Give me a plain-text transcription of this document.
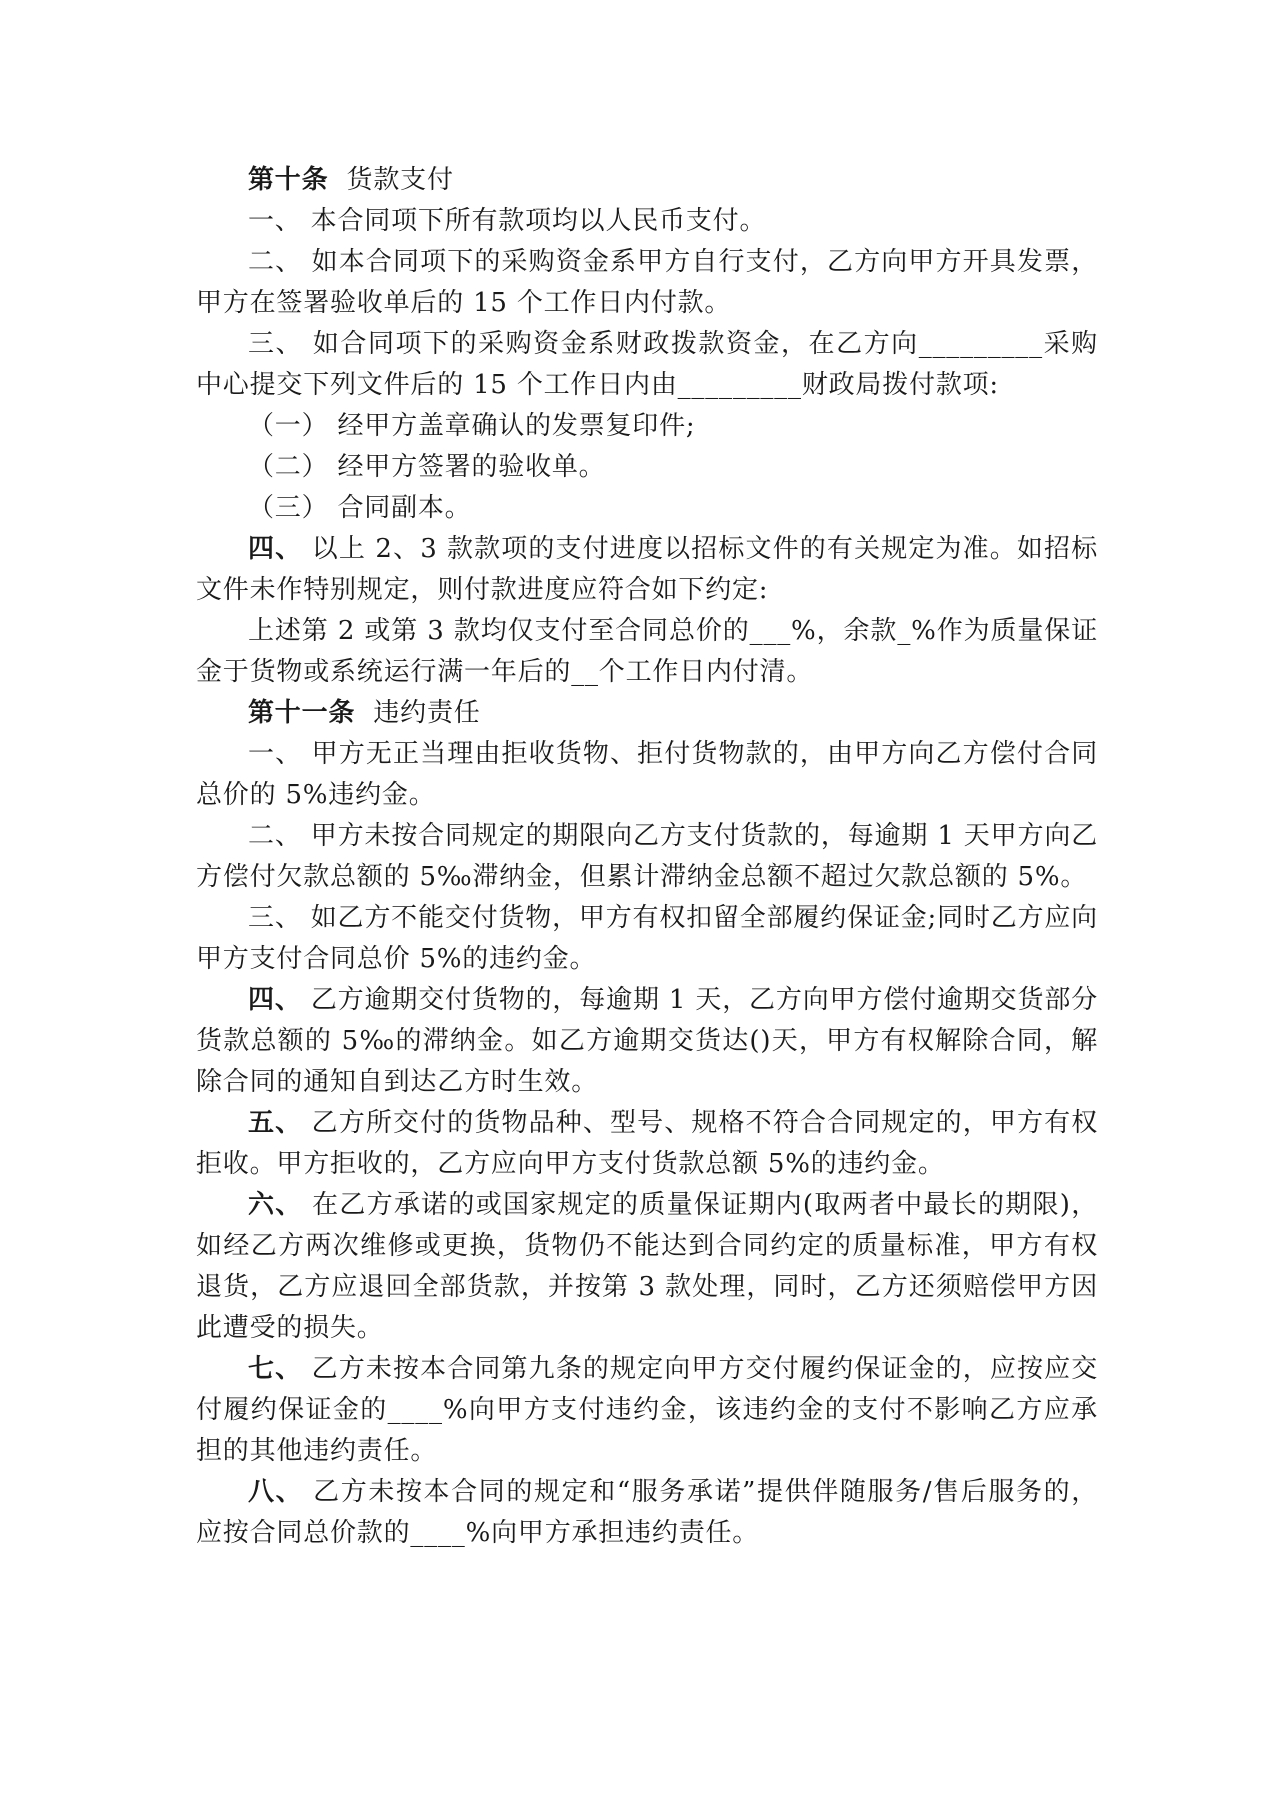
第十条 货款支付

一、 本合同项下所有款项均以人民币支付。

二、 如本合同项下的采购资金系甲方自行支付，乙方向甲方开具发票，甲方在签署验收单后的 15 个工作日内付款。

三、 如合同项下的采购资金系财政拨款资金，在乙方向_________采购中心提交下列文件后的 15 个工作日内由_________财政局拨付款项:

（一） 经甲方盖章确认的发票复印件;

（二） 经甲方签署的验收单。

（三） 合同副本。

四、 以上 2、3 款款项的支付进度以招标文件的有关规定为准。如招标文件未作特别规定，则付款进度应符合如下约定:

上述第 2 或第 3 款均仅支付至合同总价的___%，余款_%作为质量保证金于货物或系统运行满一年后的__个工作日内付清。

第十一条 违约责任

一、 甲方无正当理由拒收货物、拒付货物款的，由甲方向乙方偿付合同总价的 5%违约金。

二、 甲方未按合同规定的期限向乙方支付货款的，每逾期 1 天甲方向乙方偿付欠款总额的 5‰滞纳金，但累计滞纳金总额不超过欠款总额的 5%。

三、 如乙方不能交付货物，甲方有权扣留全部履约保证金;同时乙方应向甲方支付合同总价 5%的违约金。

四、 乙方逾期交付货物的，每逾期 1 天，乙方向甲方偿付逾期交货部分货款总额的 5‰的滞纳金。如乙方逾期交货达()天，甲方有权解除合同，解除合同的通知自到达乙方时生效。

五、 乙方所交付的货物品种、型号、规格不符合合同规定的，甲方有权拒收。甲方拒收的，乙方应向甲方支付货款总额 5%的违约金。

六、 在乙方承诺的或国家规定的质量保证期内(取两者中最长的期限)，如经乙方两次维修或更换，货物仍不能达到合同约定的质量标准，甲方有权退货，乙方应退回全部货款，并按第 3 款处理，同时，乙方还须赔偿甲方因此遭受的损失。

七、 乙方未按本合同第九条的规定向甲方交付履约保证金的，应按应交付履约保证金的____%向甲方支付违约金，该违约金的支付不影响乙方应承担的其他违约责任。

八、 乙方未按本合同的规定和“服务承诺”提供伴随服务/售后服务的，应按合同总价款的____%向甲方承担违约责任。
